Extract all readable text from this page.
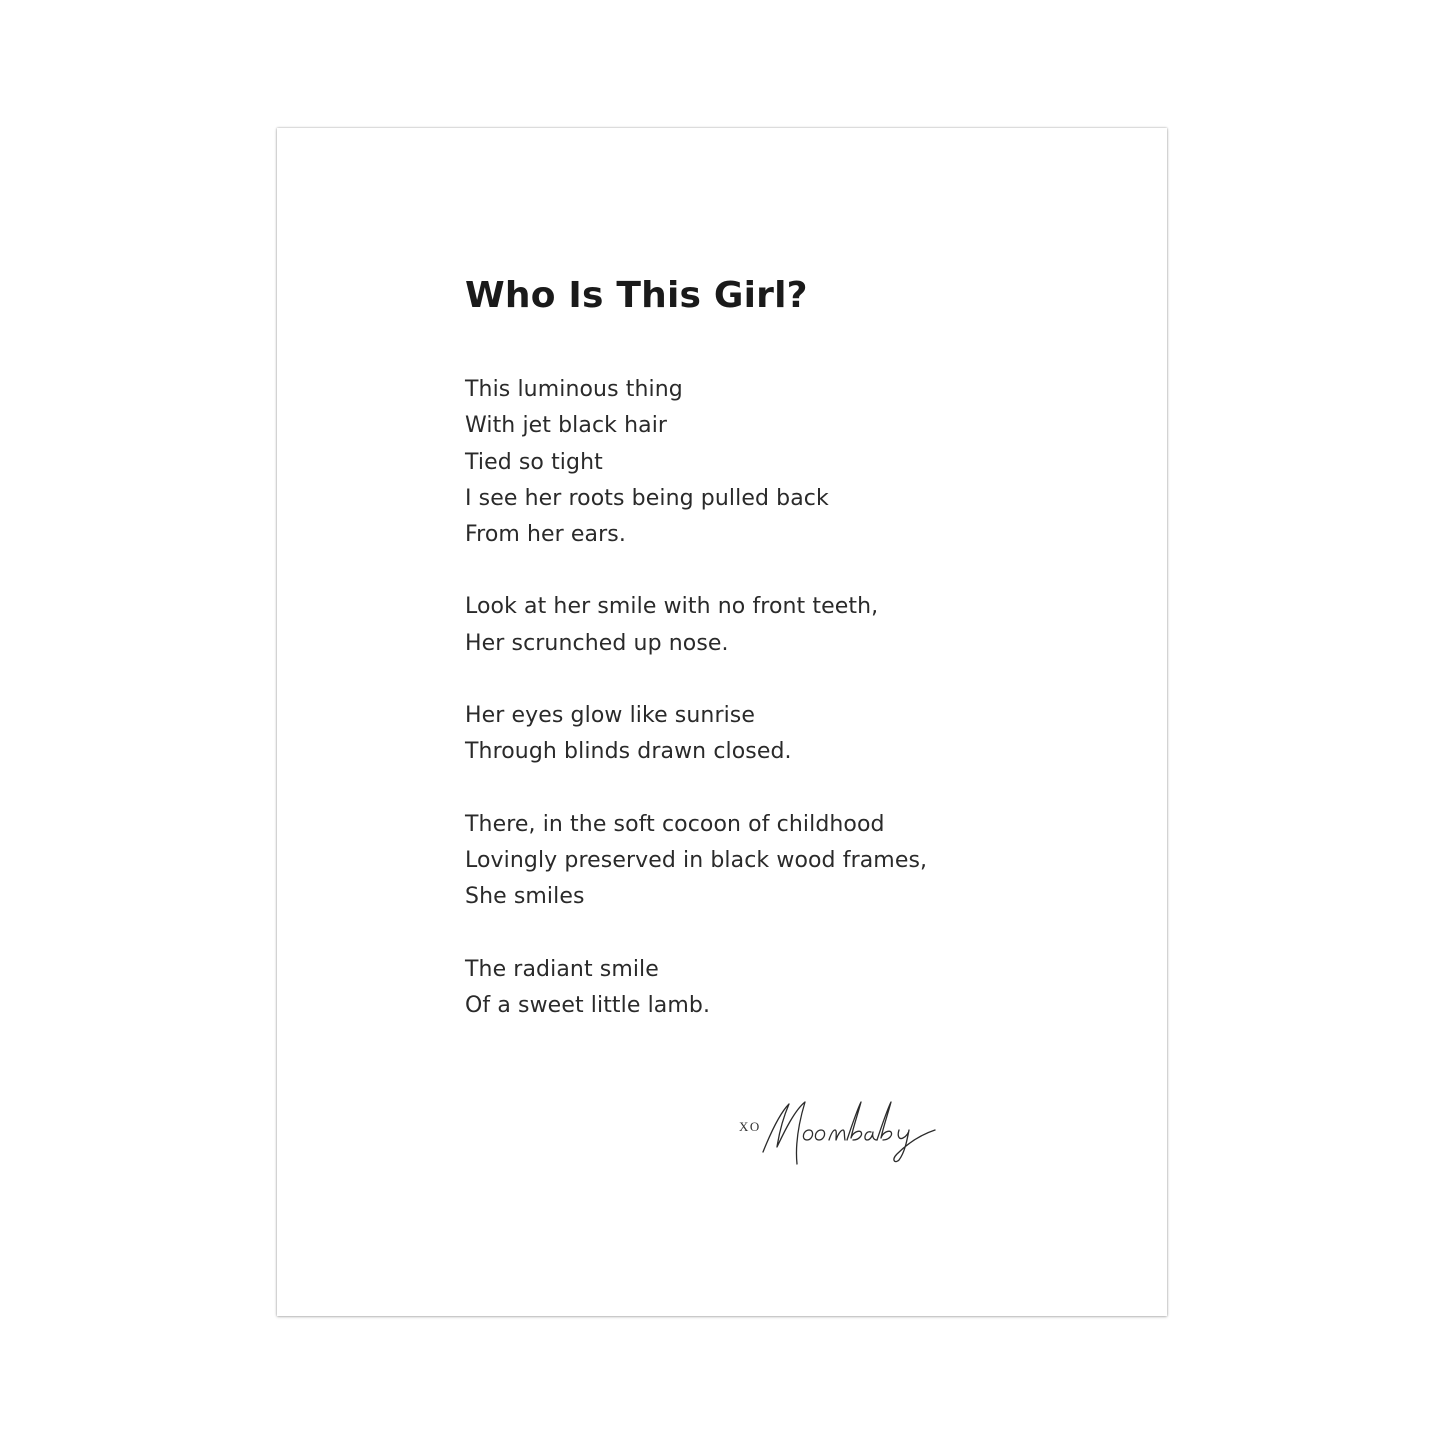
Who Is This Girl?
This luminous thing
With jet black hair
Tied so tight
I see her roots being pulled back
From her ears.
Look at her smile with no front teeth,
Her scrunched up nose.
Her eyes glow like sunrise
Through blinds drawn closed.
There, in the soft cocoon of childhood
Lovingly preserved in black wood frames,
She smiles
The radiant smile
Of a sweet little lamb.
XO
